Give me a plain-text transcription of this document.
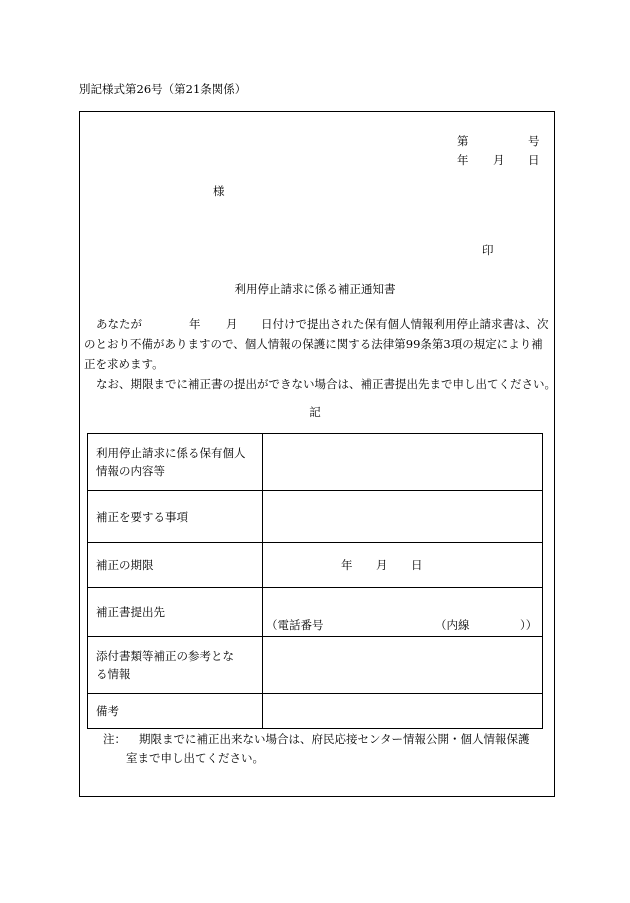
別記様式第26号（第21条関係）
第	号
年 月 日
様
印
利用停止請求に係る補正通知書
あなたが	年 月 日付けで提出された保有個人情報利用停止請求書は、次
のとおり不備がありますので、個人情報の保護に関する法律第99条第3項の規定により補
正を求めます。
なお、期限までに補正書の提出ができない場合は、補正書提出先まで申し出てください。
記
利用停止請求に係る保有個人
情報の内容等	

補正を要する事項	
補正の期限	年 月 日

補正書提出先	（電話番号 （内線 ））

添付書類等補正の参考とな
る情報	

備考	
注： 期限までに補正出来ない場合は、府民応接センター情報公開・個人情報保護
室まで申し出てください。
